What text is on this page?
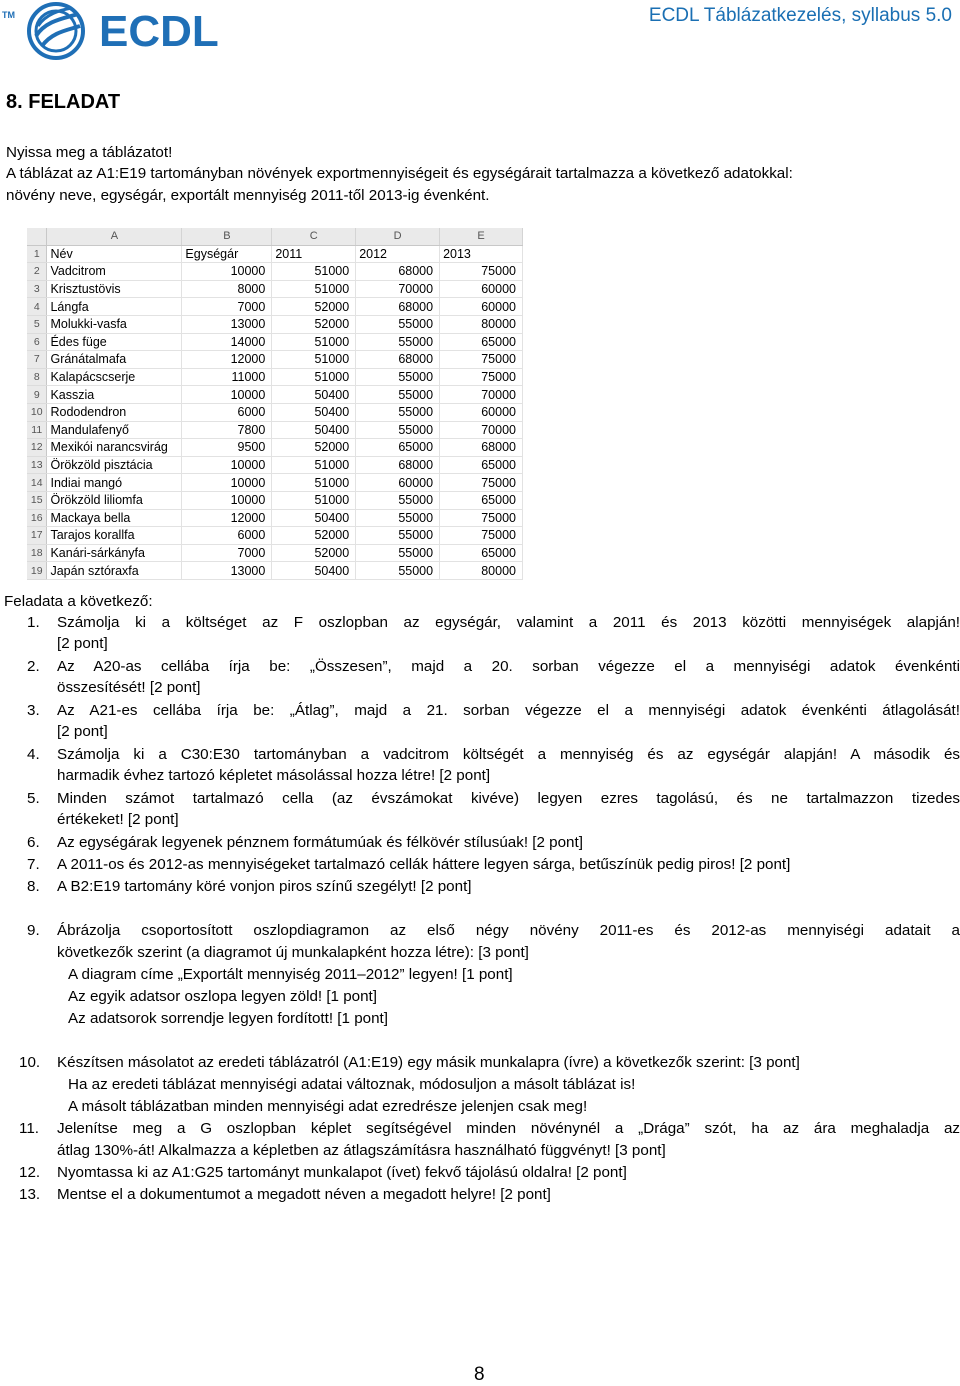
TM ECDL	ECDL Táblázatkezelés, syllabus 5.0
8. FELADAT
Nyissa meg a táblázatot!
A táblázat az A1:E19 tartományban növények exportmennyiségeit és egységárait tartalmazza a következő adatokkal:
növény neve, egységár, exportált mennyiség 2011-től 2013-ig évenként.
	A	B	C	D	E
1	Név	Egységár	2011	2012	2013
2	Vadcitrom	10000	51000	68000	75000
3	Krisztustövis	8000	51000	70000	60000
4	Lángfa	7000	52000	68000	60000
5	Molukki-vasfa	13000	52000	55000	80000
6	Édes füge	14000	51000	55000	65000
7	Gránátalmafa	12000	51000	68000	75000
8	Kalapácscserje	11000	51000	55000	75000
9	Kasszia	10000	50400	55000	70000
10	Rododendron	6000	50400	55000	60000
11	Mandulafenyő	7800	50400	55000	70000
12	Mexikói narancsvirág	9500	52000	65000	68000
13	Örökzöld pisztácia	10000	51000	68000	65000
14	Indiai mangó	10000	51000	60000	75000
15	Örökzöld liliomfa	10000	51000	55000	65000
16	Mackaya bella	12000	50400	55000	75000
17	Tarajos korallfa	6000	52000	55000	75000
18	Kanári-sárkányfa	7000	52000	55000	65000
19	Japán sztóraxfa	13000	50400	55000	80000
Feladata a következő:
1. Számolja ki a költséget az F oszlopban az egységár, valamint a 2011 és 2013 közötti mennyiségek alapján!
[2 pont]
2. Az A20-as cellába írja be: „Összesen”, majd a 20. sorban végezze el a mennyiségi adatok évenkénti
összesítését! [2 pont]
3. Az A21-es cellába írja be: „Átlag”, majd a 21. sorban végezze el a mennyiségi adatok évenkénti átlagolását!
[2 pont]
4. Számolja ki a C30:E30 tartományban a vadcitrom költségét a mennyiség és az egységár alapján! A második és
harmadik évhez tartozó képletet másolással hozza létre! [2 pont]
5. Minden számot tartalmazó cella (az évszámokat kivéve) legyen ezres tagolású, és ne tartalmazzon tizedes
értékeket! [2 pont]
6. Az egységárak legyenek pénznem formátumúak és félkövér stílusúak! [2 pont]
7. A 2011-os és 2012-as mennyiségeket tartalmazó cellák háttere legyen sárga, betűszínük pedig piros! [2 pont]
8. A B2:E19 tartomány köré vonjon piros színű szegélyt! [2 pont]
9. Ábrázolja csoportosított oszlopdiagramon az első négy növény 2011-es és 2012-as mennyiségi adatait a
következők szerint (a diagramot új munkalapként hozza létre): [3 pont]
A diagram címe „Exportált mennyiség 2011–2012” legyen! [1 pont]
Az egyik adatsor oszlopa legyen zöld! [1 pont]
Az adatsorok sorrendje legyen fordított! [1 pont]
10. Készítsen másolatot az eredeti táblázatról (A1:E19) egy másik munkalapra (ívre) a következők szerint: [3 pont]
Ha az eredeti táblázat mennyiségi adatai változnak, módosuljon a másolt táblázat is!
A másolt táblázatban minden mennyiségi adat ezredrésze jelenjen csak meg!
11. Jelenítse meg a G oszlopban képlet segítségével minden növénynél a „Drága” szót, ha az ára meghaladja az
átlag 130%-át! Alkalmazza a képletben az átlagszámításra használható függvényt! [3 pont]
12. Nyomtassa ki az A1:G25 tartományt munkalapot (ívet) fekvő tájolású oldalra! [2 pont]
13. Mentse el a dokumentumot a megadott néven a megadott helyre! [2 pont]
8
